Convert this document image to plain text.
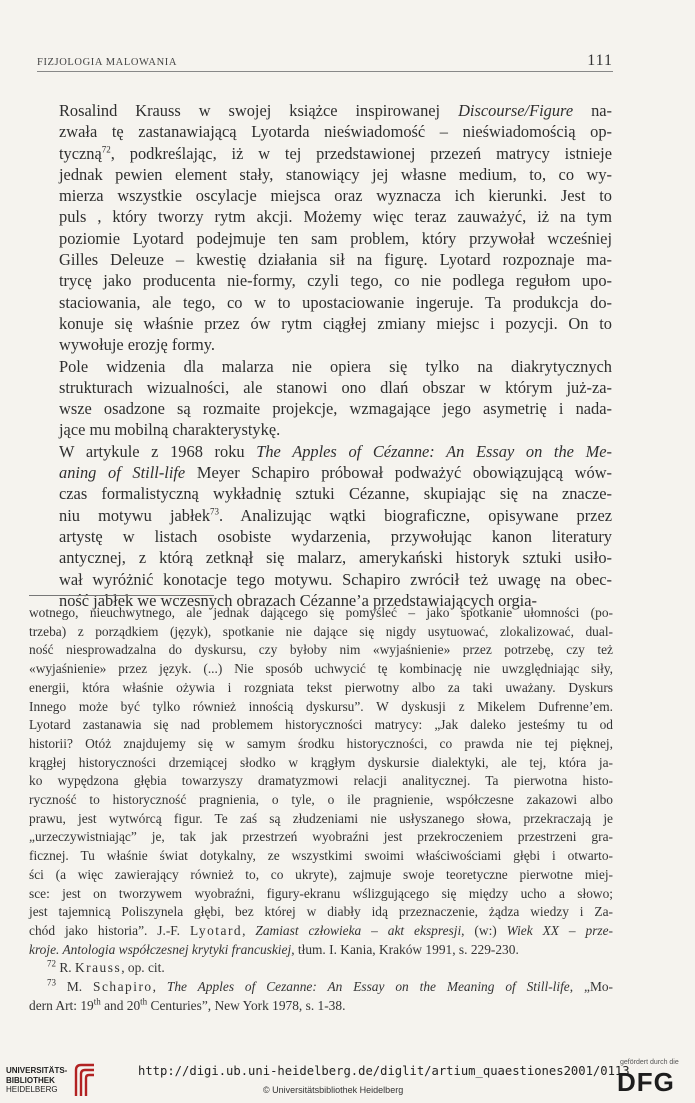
FIZJOLOGIA MALOWANIA	111
Rosalind Krauss w swojej książce inspirowanej Discourse/Figure na-
zwała tę zastanawiającą Lyotarda nieświadomość – nieświadomością op-
tyczną$^{72}$, podkreślając, iż w tej przedstawionej przezeń matrycy istnieje
jednak pewien element stały, stanowiący jej własne medium, to, co wy-
mierza wszystkie oscylacje miejsca oraz wyznacza ich kierunki. Jest to
puls , który tworzy rytm akcji. Możemy więc teraz zauważyć, iż na tym
poziomie Lyotard podejmuje ten sam problem, który przywołał wcześniej
Gilles Deleuze – kwestię działania sił na figurę. Lyotard rozpoznaje ma-
trycę jako producenta nie-formy, czyli tego, co nie podlega regułom upo-
staciowania, ale tego, co w to upostaciowanie ingeruje. Ta produkcja do-
konuje się właśnie przez ów rytm ciągłej zmiany miejsc i pozycji. On to
wywołuje erozję formy.
Pole widzenia dla malarza nie opiera się tylko na diakrytycznych
strukturach wizualności, ale stanowi ono dlań obszar w którym już-za-
wsze osadzone są rozmaite projekcje, wzmagające jego asymetrię i nada-
jące mu mobilną charakterystykę.
W artykule z 1968 roku The Apples of Cézanne: An Essay on the Me-
aning of Still-life Meyer Schapiro próbował podważyć obowiązującą wów-
czas formalistyczną wykładnię sztuki Cézanne, skupiając się na znacze-
niu motywu jabłek$^{73}$. Analizując wątki biograficzne, opisywane przez
artystę w listach osobiste wydarzenia, przywołując kanon literatury
antycznej, z którą zetknął się malarz, amerykański historyk sztuki usiło-
wał wyróżnić konotacje tego motywu. Schapiro zwrócił też uwagę na obec-
ność jabłek we wczesnych obrazach Cézanne’a przedstawiających orgia-
wotnego, nieuchwytnego, ale jednak dającego się pomyśleć – jako spotkanie ułomności (po-
trzeba) z porządkiem (język), spotkanie nie dające się nigdy usytuować, zlokalizować, dual-
ność niesprowadzalna do dyskursu, czy byłoby nim «wyjaśnienie» przez potrzebę, czy też
«wyjaśnienie» przez język. (...) Nie sposób uchwycić tę kombinację nie uwzględniając siły,
energii, która właśnie ożywia i rozgniata tekst pierwotny albo za taki uważany. Dyskurs
Innego może być tylko również innością dyskursu”. W dyskusji z Mikelem Dufrenne’em.
Lyotard zastanawia się nad problemem historyczności matrycy: „Jak daleko jesteśmy tu od
historii? Otóż znajdujemy się w samym środku historyczności, co prawda nie tej pięknej,
krągłej historyczności drzemiącej słodko w krągłym dyskursie dialektyki, ale tej, która ja-
ko wypędzona głębia towarzyszy dramatyzmowi relacji analitycznej. Ta pierwotna histo-
ryczność to historyczność pragnienia, o tyle, o ile pragnienie, współczesne zakazowi albo
prawu, jest wytwórcą figur. Te zaś są złudzeniami nie usłyszanego słowa, przekraczają je
„urzeczywistniając” je, tak jak przestrzeń wyobraźni jest przekroczeniem przestrzeni gra-
ficznej. Tu właśnie świat dotykalny, ze wszystkimi swoimi właściwościami głębi i otwarto-
ści (a więc zawierający również to, co ukryte), zajmuje swoje teoretyczne pierwotne miej-
sce: jest on tworzywem wyobraźni, figury-ekranu wślizgującego się między ucho a słowo;
jest tajemnicą Poliszynela głębi, bez której w diabły idą przeznaczenie, żądza wiedzy i Za-
chód jako historia”. J.-F. Lyotard, Zamiast człowieka – akt ekspresji, (w:) Wiek XX – prze-
kroje. Antologia współczesnej krytyki francuskiej, tłum. I. Kania, Kraków 1991, s. 229-230.
$^{72}$ R. Krauss, op. cit.
$^{73}$ M. Schapiro, The Apples of Cezanne: An Essay on the Meaning of Still-life, „Mo-
dern Art: 19th and 20th Centuries”, New York 1978, s. 1-38.
UNIVERSITÄTS-
BIBLIOTHEK
HEIDELBERG
http://digi.ub.uni-heidelberg.de/diglit/artium_quaestiones2001/0113
© Universitätsbibliothek Heidelberg
gefördert durch die
DFG
